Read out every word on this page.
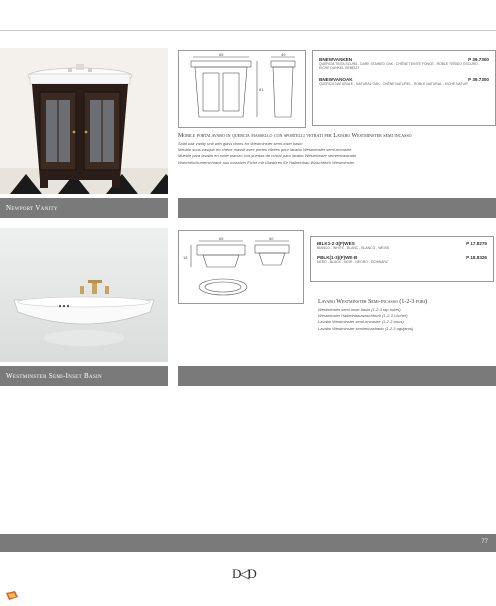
Newport Vanity
65	49
81
BNEWVANKEN	P 39.7300
QUERCIA TINTA SCURA - DARK STAINED OAK - CHÊNE TEINTÉ FONCÉ - ROBLE TEÑIDO OSCURO - EICHE DUNKEL GEBEIZT
BNEWVANOAK	P 39.7300
QUERCIA NATURALE - NATURAL OAK - CHÊNE NATUREL - ROBLE NATURAL - EICHE NATUR
Mobile portalavabo in quercia massello con sportelli vetrati per Lavabo Westminster semi incasso
Solid oak vanity unit with glass doors for Westminster semi-inset basin
Meuble sous-vasque en chêne massif avec portes vitrées pour lavabo Westminster semi-encastré
Mueble para lavabo en roble macizo con puertas de cristal para lavabo Westminster semiencastrado
Waschtischunterschrank aus massiver Eiche mit Glastüren für Halbeinbau-Waschtisch Westminster
Westminster Semi-Inset Basin
65	50
18
IBLK1-2-3(F)WES	P 17.8275
BIANCO - WHITE - BLANC - BLANCO - WEISS
PBLK(1-3)(F)WE-B	P 18.8326
NERO - BLACK - NOIR - NEGRO - SCHWARZ
Lavabo Westminster Semi-incasso (1-2-3 fori)
Westminster semi-inset basin (1-2-3 tap holes)
Westminster Halbeinbauwaschtisch (1-2-3 Löcher)
Lavabo Westminster semi-encastré (1-2-3 trous)
Lavabo Westminster semiencastrado (1-2-3 agujeros)
77
D◁D
